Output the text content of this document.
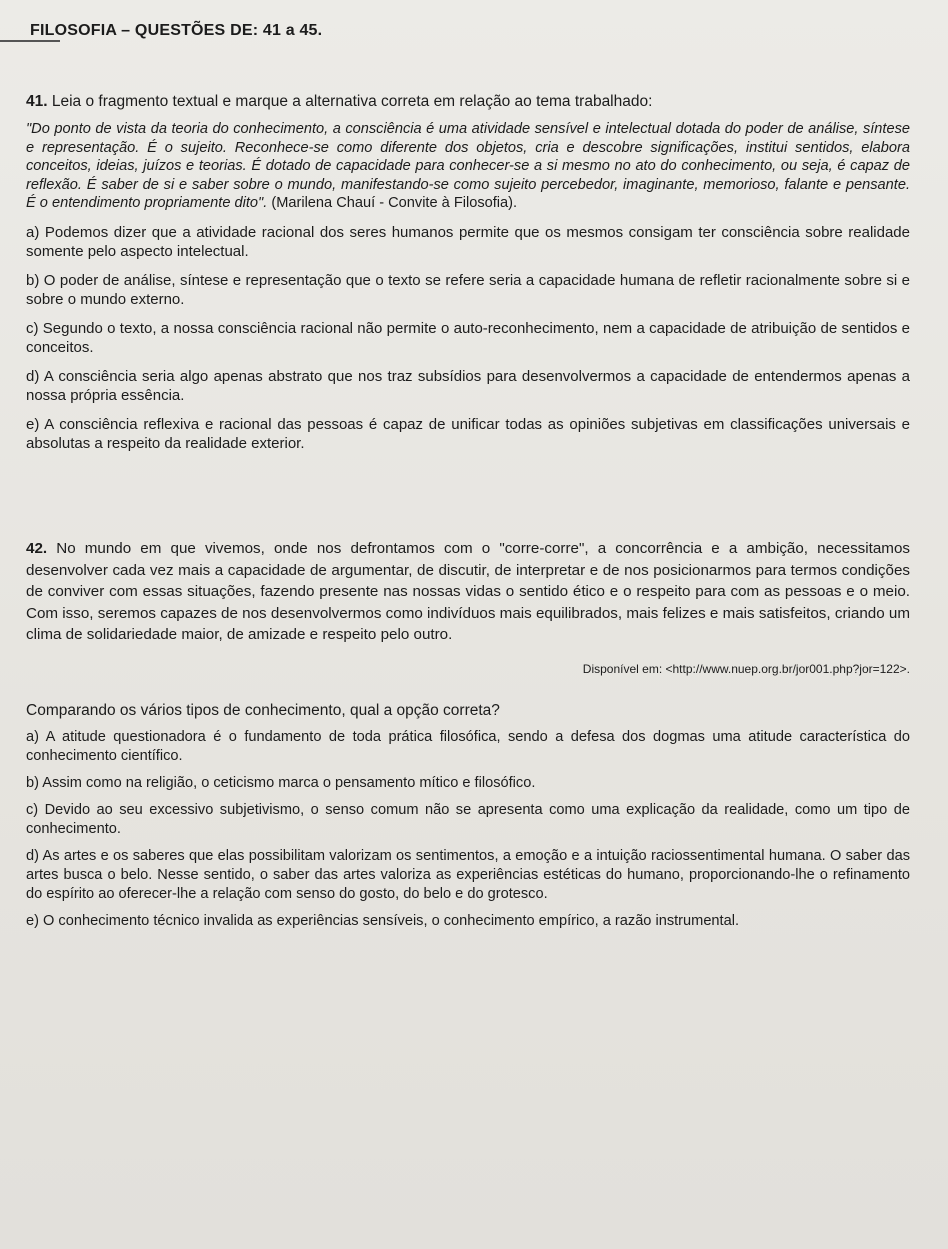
FILOSOFIA – QUESTÕES DE: 41 a 45.
41. Leia o fragmento textual e marque a alternativa correta em relação ao tema trabalhado:
"Do ponto de vista da teoria do conhecimento, a consciência é uma atividade sensível e intelectual dotada do poder de análise, síntese e representação. É o sujeito. Reconhece-se como diferente dos objetos, cria e descobre significações, institui sentidos, elabora conceitos, ideias, juízos e teorias. É dotado de capacidade para conhecer-se a si mesmo no ato do conhecimento, ou seja, é capaz de reflexão. É saber de si e saber sobre o mundo, manifestando-se como sujeito percebedor, imaginante, memorioso, falante e pensante. É o entendimento propriamente dito". (Marilena Chauí - Convite à Filosofia).
a) Podemos dizer que a atividade racional dos seres humanos permite que os mesmos consigam ter consciência sobre realidade somente pelo aspecto intelectual.
b) O poder de análise, síntese e representação que o texto se refere seria a capacidade humana de refletir racionalmente sobre si e sobre o mundo externo.
c) Segundo o texto, a nossa consciência racional não permite o auto-reconhecimento, nem a capacidade de atribuição de sentidos e conceitos.
d) A consciência seria algo apenas abstrato que nos traz subsídios para desenvolvermos a capacidade de entendermos apenas a nossa própria essência.
e) A consciência reflexiva e racional das pessoas é capaz de unificar todas as opiniões subjetivas em classificações universais e absolutas a respeito da realidade exterior.
42. No mundo em que vivemos, onde nos defrontamos com o "corre-corre", a concorrência e a ambição, necessitamos desenvolver cada vez mais a capacidade de argumentar, de discutir, de interpretar e de nos posicionarmos para termos condições de conviver com essas situações, fazendo presente nas nossas vidas o sentido ético e o respeito para com as pessoas e o meio. Com isso, seremos capazes de nos desenvolvermos como indivíduos mais equilibrados, mais felizes e mais satisfeitos, criando um clima de solidariedade maior, de amizade e respeito pelo outro.
Disponível em: <http://www.nuep.org.br/jor001.php?jor=122>.
Comparando os vários tipos de conhecimento, qual a opção correta?
a) A atitude questionadora é o fundamento de toda prática filosófica, sendo a defesa dos dogmas uma atitude característica do conhecimento científico.
b) Assim como na religião, o ceticismo marca o pensamento mítico e filosófico.
c) Devido ao seu excessivo subjetivismo, o senso comum não se apresenta como uma explicação da realidade, como um tipo de conhecimento.
d) As artes e os saberes que elas possibilitam valorizam os sentimentos, a emoção e a intuição raciossentimental humana. O saber das artes busca o belo. Nesse sentido, o saber das artes valoriza as experiências estéticas do humano, proporcionando-lhe o refinamento do espírito ao oferecer-lhe a relação com senso do gosto, do belo e do grotesco.
e) O conhecimento técnico invalida as experiências sensíveis, o conhecimento empírico, a razão instrumental.
